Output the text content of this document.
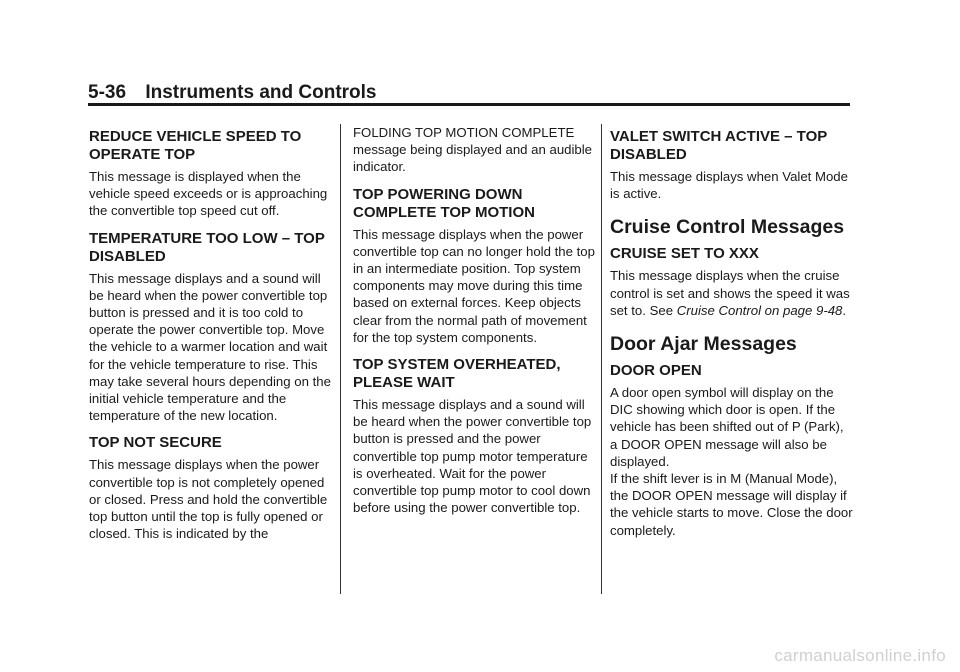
5-36 Instruments and Controls
REDUCE VEHICLE SPEED TO OPERATE TOP

This message is displayed when the vehicle speed exceeds or is approaching the convertible top speed cut off.

TEMPERATURE TOO LOW – TOP DISABLED

This message displays and a sound will be heard when the power convertible top button is pressed and it is too cold to operate the power convertible top. Move the vehicle to a warmer location and wait for the vehicle temperature to rise. This may take several hours depending on the initial vehicle temperature and the temperature of the new location.

TOP NOT SECURE

This message displays when the power convertible top is not completely opened or closed. Press and hold the convertible top button until the top is fully opened or closed. This is indicated by the

FOLDING TOP MOTION COMPLETE message being displayed and an audible indicator.

TOP POWERING DOWN COMPLETE TOP MOTION

This message displays when the power convertible top can no longer hold the top in an intermediate position. Top system components may move during this time based on external forces. Keep objects clear from the normal path of movement for the top system components.

TOP SYSTEM OVERHEATED, PLEASE WAIT

This message displays and a sound will be heard when the power convertible top button is pressed and the power convertible top pump motor temperature is overheated. Wait for the power convertible top pump motor to cool down before using the power convertible top.

VALET SWITCH ACTIVE – TOP DISABLED

This message displays when Valet Mode is active.

Cruise Control Messages
CRUISE SET TO XXX

This message displays when the cruise control is set and shows the speed it was set to. See Cruise Control on page 9-48.

Door Ajar Messages
DOOR OPEN

A door open symbol will display on the DIC showing which door is open. If the vehicle has been shifted out of P (Park), a DOOR OPEN message will also be displayed.

If the shift lever is in M (Manual Mode), the DOOR OPEN message will display if the vehicle starts to move. Close the door completely.

carmanualsonline.info
